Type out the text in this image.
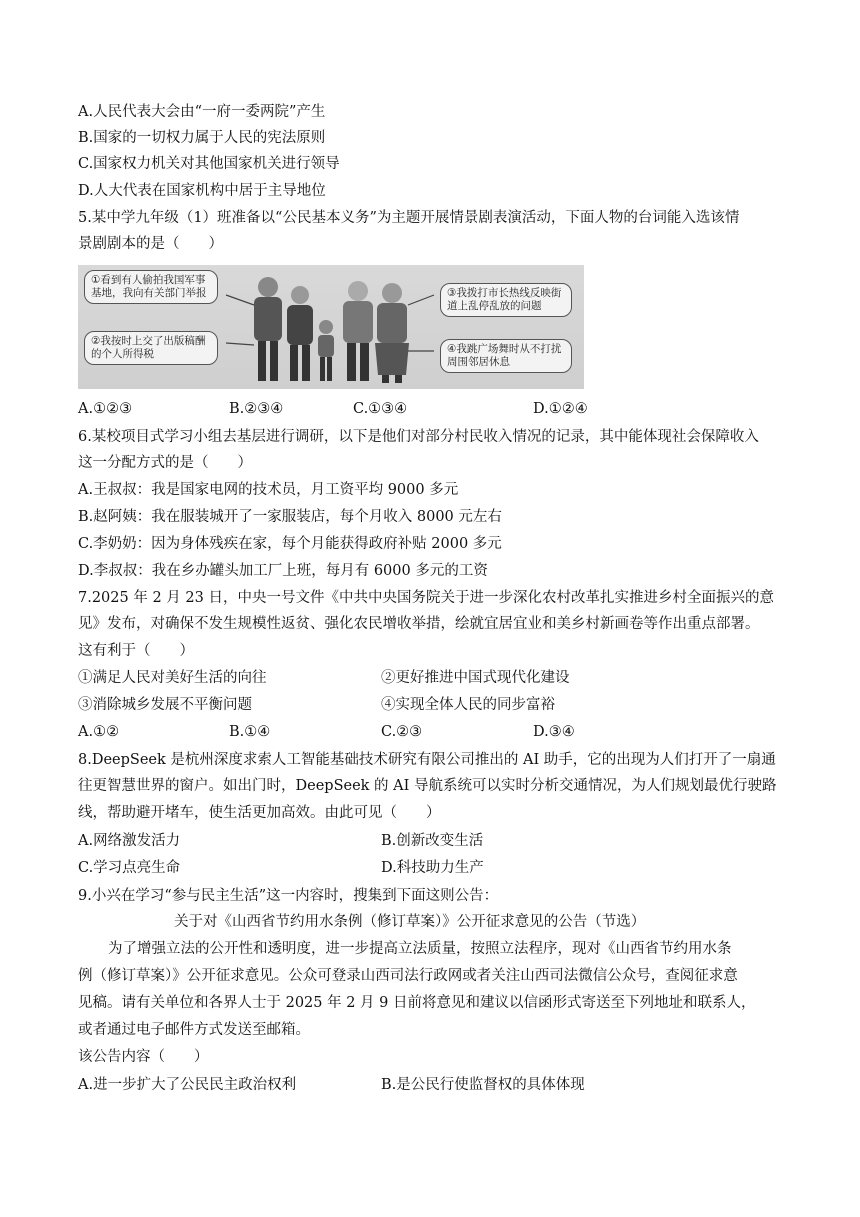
A.人民代表大会由“一府一委两院”产生
B.国家的一切权力属于人民的宪法原则
C.国家权力机关对其他国家机关进行领导
D.人大代表在国家机构中居于主导地位
5.某中学九年级（1）班准备以“公民基本义务”为主题开展情景剧表演活动，下面人物的台词能入选该情
景剧剧本的是（　　）
①看到有人偷拍我国军事基地，我向有关部门举报
②我按时上交了出版稿酬的个人所得税
③我拨打市长热线反映街道上乱停乱放的问题
④我跳广场舞时从不打扰周围邻居休息
A.①②③	B.②③④	C.①③④	D.①②④
6.某校项目式学习小组去基层进行调研，以下是他们对部分村民收入情况的记录，其中能体现社会保障收入
这一分配方式的是（　　）
A.王叔叔：我是国家电网的技术员，月工资平均 9000 多元
B.赵阿姨：我在服装城开了一家服装店，每个月收入 8000 元左右
C.李奶奶：因为身体残疾在家，每个月能获得政府补贴 2000 多元
D.李叔叔：我在乡办罐头加工厂上班，每月有 6000 多元的工资
7.2025 年 2 月 23 日，中央一号文件《中共中央国务院关于进一步深化农村改革扎实推进乡村全面振兴的意
见》发布，对确保不发生规模性返贫、强化农民增收举措，绘就宜居宜业和美乡村新画卷等作出重点部署。
这有利于（　　）
①满足人民对美好生活的向往	②更好推进中国式现代化建设
③消除城乡发展不平衡问题	④实现全体人民的同步富裕
A.①②	B.①④	C.②③	D.③④
8.DeepSeek 是杭州深度求索人工智能基础技术研究有限公司推出的 AI 助手，它的出现为人们打开了一扇通
往更智慧世界的窗户。如出门时，DeepSeek 的 AI 导航系统可以实时分析交通情况，为人们规划最优行驶路
线，帮助避开堵车，使生活更加高效。由此可见（　　）
A.网络激发活力	B.创新改变生活
C.学习点亮生命	D.科技助力生产
9.小兴在学习“参与民主生活”这一内容时，搜集到下面这则公告：
关于对《山西省节约用水条例（修订草案）》公开征求意见的公告（节选）
为了增强立法的公开性和透明度，进一步提高立法质量，按照立法程序，现对《山西省节约用水条
例（修订草案）》公开征求意见。公众可登录山西司法行政网或者关注山西司法微信公众号，查阅征求意
见稿。请有关单位和各界人士于 2025 年 2 月 9 日前将意见和建议以信函形式寄送至下列地址和联系人，
或者通过电子邮件方式发送至邮箱。
该公告内容（　　）
A.进一步扩大了公民民主政治权利	B.是公民行使监督权的具体体现
